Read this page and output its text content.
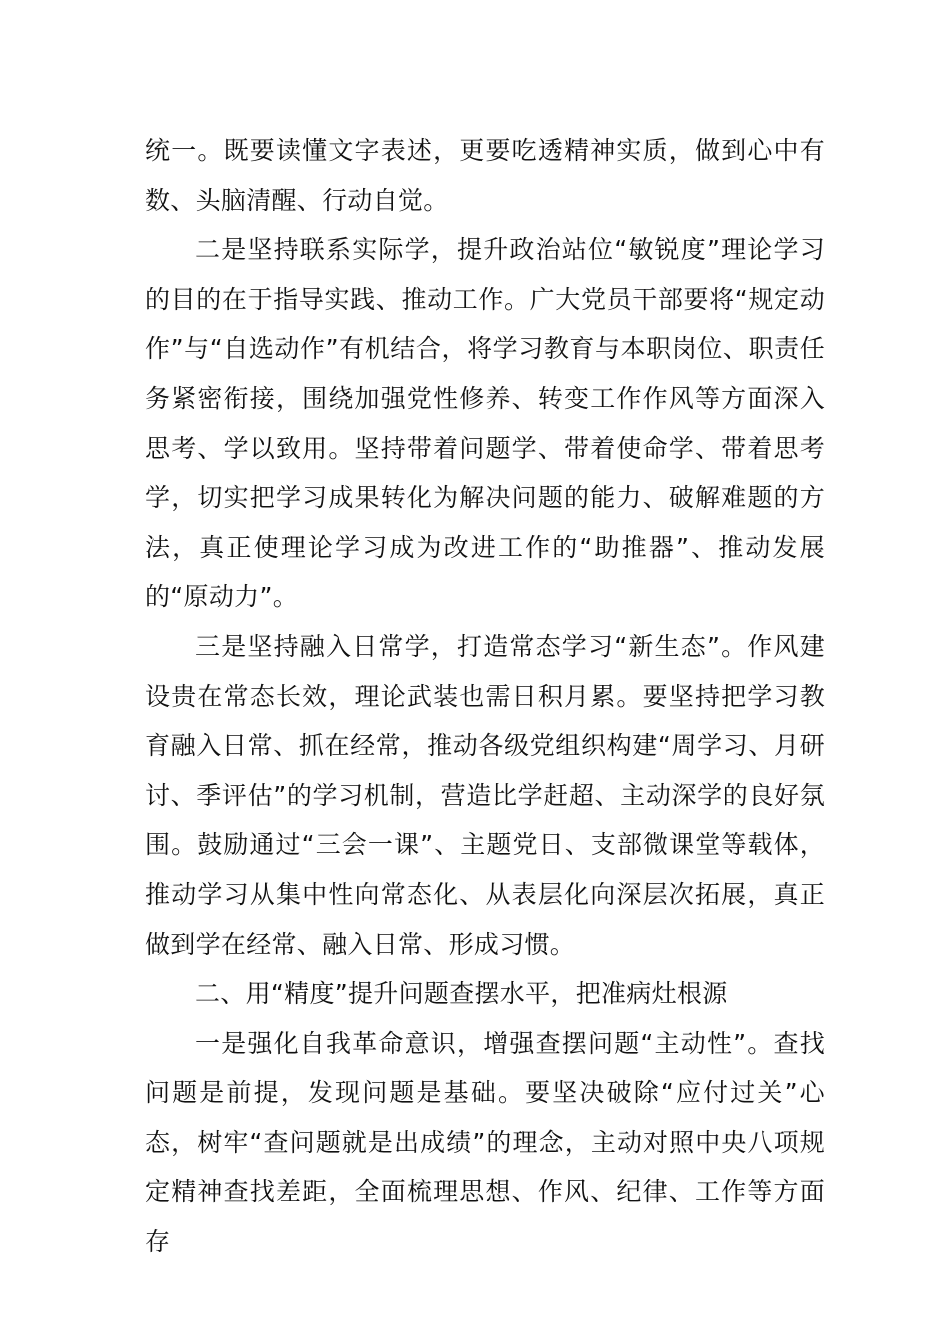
统一。既要读懂文字表述，更要吃透精神实质，做到心中有数、头脑清醒、行动自觉。

二是坚持联系实际学，提升政治站位“敏锐度”理论学习的目的在于指导实践、推动工作。广大党员干部要将“规定动作”与“自选动作”有机结合，将学习教育与本职岗位、职责任务紧密衔接，围绕加强党性修养、转变工作作风等方面深入思考、学以致用。坚持带着问题学、带着使命学、带着思考学，切实把学习成果转化为解决问题的能力、破解难题的方法，真正使理论学习成为改进工作的“助推器”、推动发展的“原动力”。

三是坚持融入日常学，打造常态学习“新生态”。作风建设贵在常态长效，理论武装也需日积月累。要坚持把学习教育融入日常、抓在经常，推动各级党组织构建“周学习、月研讨、季评估”的学习机制，营造比学赶超、主动深学的良好氛围。鼓励通过“三会一课”、主题党日、支部微课堂等载体，推动学习从集中性向常态化、从表层化向深层次拓展，真正做到学在经常、融入日常、形成习惯。

二、用“精度”提升问题查摆水平，把准病灶根源

一是强化自我革命意识，增强查摆问题“主动性”。查找问题是前提，发现问题是基础。要坚决破除“应付过关”心态，树牢“查问题就是出成绩”的理念，主动对照中央八项规定精神查找差距，全面梳理思想、作风、纪律、工作等方面存
